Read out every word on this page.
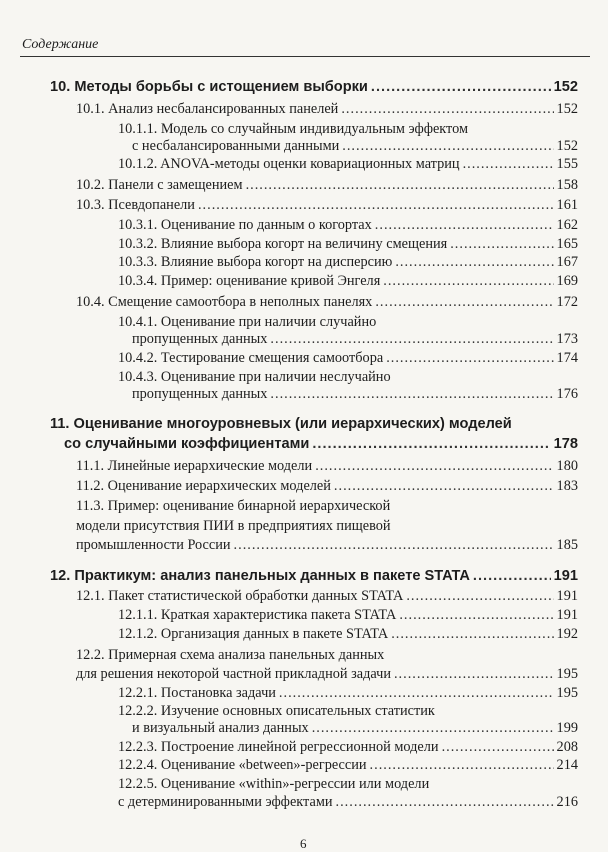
Содержание
10. Методы борьбы с истощением выборки .....	152
10.1. Анализ несбалансированных панелей .....	152
10.1.1. Модель со случайным индивидуальным эффектом
с несбалансированными данными .....	152
10.1.2. ANOVA-методы оценки ковариационных матриц .....	155
10.2. Панели с замещением .....	158
10.3. Псевдопанели .....	161
10.3.1. Оценивание по данным о когортах .....	162
10.3.2. Влияние выбора когорт на величину смещения .....	165
10.3.3. Влияние выбора когорт на дисперсию .....	167
10.3.4. Пример: оценивание кривой Энгеля .....	169
10.4. Смещение самоотбора в неполных панелях .....	172
10.4.1. Оценивание при наличии случайно
пропущенных данных .....	173
10.4.2. Тестирование смещения самоотбора .....	174
10.4.3. Оценивание при наличии неслучайно
пропущенных данных .....	176
11. Оценивание многоуровневых (или иерархических) моделей
со случайными коэффициентами .....	178
11.1. Линейные иерархические модели .....	180
11.2. Оценивание иерархических моделей .....	183
11.3. Пример: оценивание бинарной иерархической
модели присутствия ПИИ в предприятиях пищевой
промышленности России .....	185
12. Практикум: анализ панельных данных в пакете STATA .....	191
12.1. Пакет статистической обработки данных STATA .....	191
12.1.1. Краткая характеристика пакета STATA .....	191
12.1.2. Организация данных в пакете STATA .....	192
12.2. Примерная схема анализа панельных данных
для решения некоторой частной прикладной задачи .....	195
12.2.1. Постановка задачи .....	195
12.2.2. Изучение основных описательных статистик
и визуальный анализ данных .....	199
12.2.3. Построение линейной регрессионной модели .....	208
12.2.4. Оценивание «between»-регрессии .....	214
12.2.5. Оценивание «within»-регрессии или модели
с детерминированными эффектами .....	216
6
